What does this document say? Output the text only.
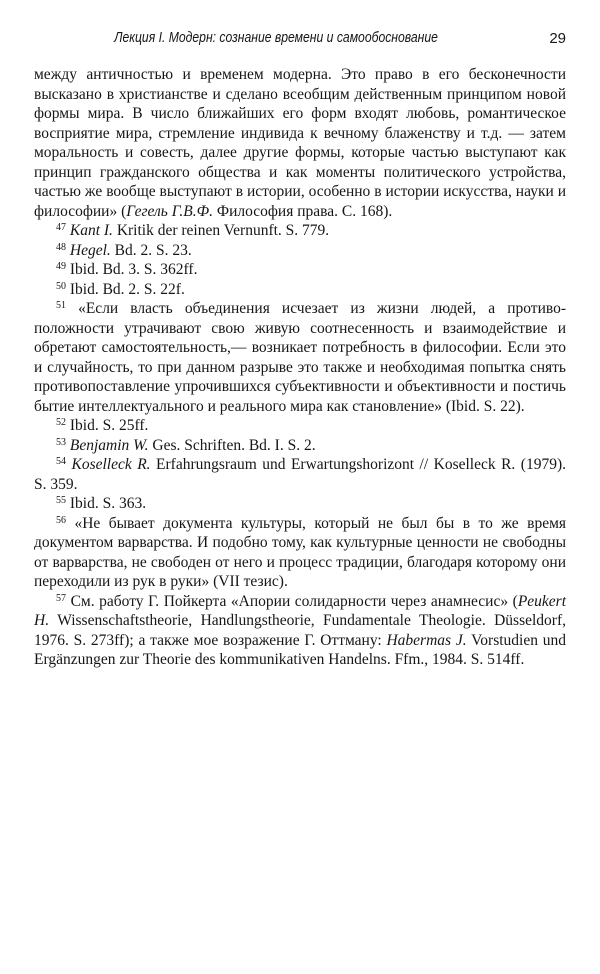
Лекция I. Модерн: сознание времени и самообоснование	29

между античностью и временем модерна. Это право в его бесконечности высказано в христианстве и сделано всеобщим действенным принципом новой формы мира. В число ближайших его форм входят любовь, романтическое восприятие мира, стремление индивида к вечному блаженству и т.д. — затем моральность и совесть, далее другие формы, которые частью выступают как принцип гражданского общества и как моменты политического устройства, частью же вообще выступают в истории, особенно в истории искусства, науки и философии» (Гегель Г.В.Ф. Философия права. С. 168).

$^{47}$ Kant I. Kritik der reinen Vernunft. S. 779.

$^{48}$ Hegel. Bd. 2. S. 23.

$^{49}$ Ibid. Bd. 3. S. 362ff.

$^{50}$ Ibid. Bd. 2. S. 22f.

$^{51}$ «Если власть объединения исчезает из жизни людей, а противоположности утрачивают свою живую соотнесенность и взаимодействие и обретают самостоятельность,— возникает потребность в философии. Если это и случайность, то при данном разрыве это также и необходимая попытка снять противопоставление упрочившихся субъективности и объективности и постичь бытие интеллектуального и реального мира как становление» (Ibid. S. 22).

$^{52}$ Ibid. S. 25ff.

$^{53}$ Benjamin W. Ges. Schriften. Bd. I. S. 2.

$^{54}$ Koselleck R. Erfahrungsraum und Erwartungshorizont // Koselleck R. (1979). S. 359.

$^{55}$ Ibid. S. 363.

$^{56}$ «Не бывает документа культуры, который не был бы в то же время документом варварства. И подобно тому, как культурные ценности не свободны от варварства, не свободен от него и процесс традиции, благодаря которому они переходили из рук в руки» (VII тезис).

$^{57}$ См. работу Г. Пойкерта «Апории солидарности через анамнесис» (Peukert H. Wissenschaftstheorie, Handlungstheorie, Fundamentale Theologie. Düsseldorf, 1976. S. 273ff); а также мое возражение Г. Оттману: Habermas J. Vorstudien und Ergänzungen zur Theorie des kommunikativen Handelns. Ffm., 1984. S. 514ff.
